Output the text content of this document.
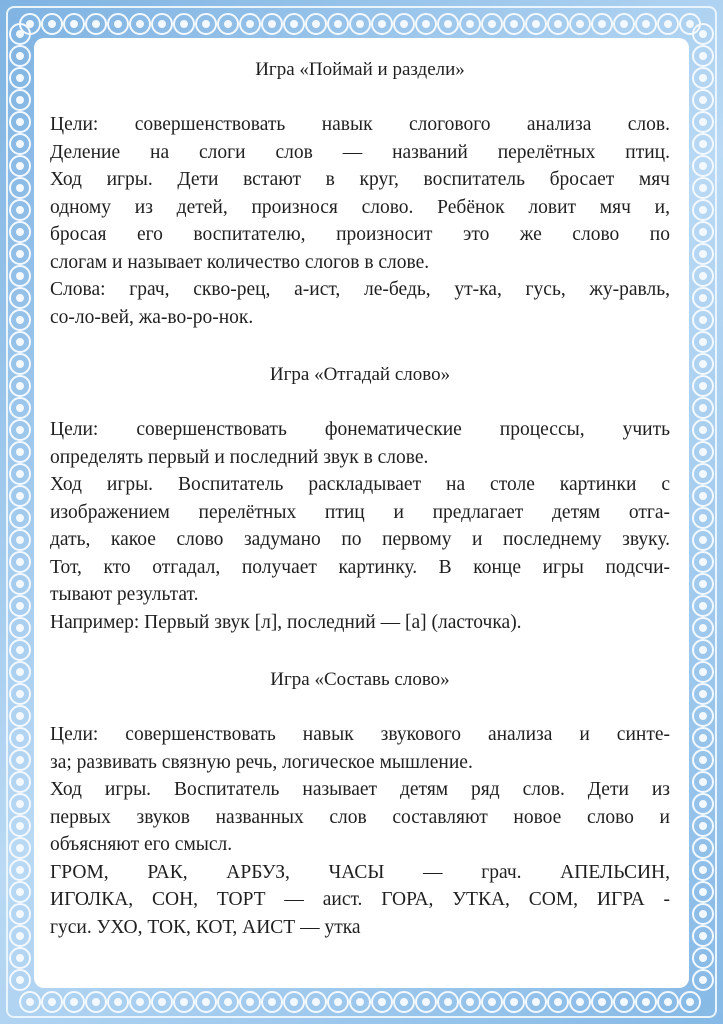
Игра «Поймай и раздели»
Цели: совершенствовать навык слогового анализа слов.
Деление на слоги слов — названий перелётных птиц.
Ход игры. Дети встают в круг, воспитатель бросает мяч
одному из детей, произнося слово. Ребёнок ловит мяч и,
бросая его воспитателю, произносит это же слово по
слогам и называет количество слогов в слове.
Слова: грач, скво-рец, а-ист, ле-бедь, ут-ка, гусь, жу-равль,
со-ло-вей, жа-во-ро-нок.
Игра «Отгадай слово»
Цели: совершенствовать фонематические процессы, учить
определять первый и последний звук в слове.
Ход игры. Воспитатель раскладывает на столе картинки с
изображением перелётных птиц и предлагает детям отга-
дать, какое слово задумано по первому и последнему звуку.
Тот, кто отгадал, получает картинку. В конце игры подсчи-
тывают результат.
Например: Первый звук [л], последний — [а] (ласточка).
Игра «Составь слово»
Цели: совершенствовать навык звукового анализа и синте-
за; развивать связную речь, логическое мышление.
Ход игры. Воспитатель называет детям ряд слов. Дети из
первых звуков названных слов составляют новое слово и
объясняют его смысл.
ГРОМ, РАК, АРБУЗ, ЧАСЫ — грач. АПЕЛЬСИН,
ИГОЛКА, СОН, ТОРТ — аист. ГОРА, УТКА, СОМ, ИГРА -
гуси. УХО, ТОК, КОТ, АИСТ — утка
